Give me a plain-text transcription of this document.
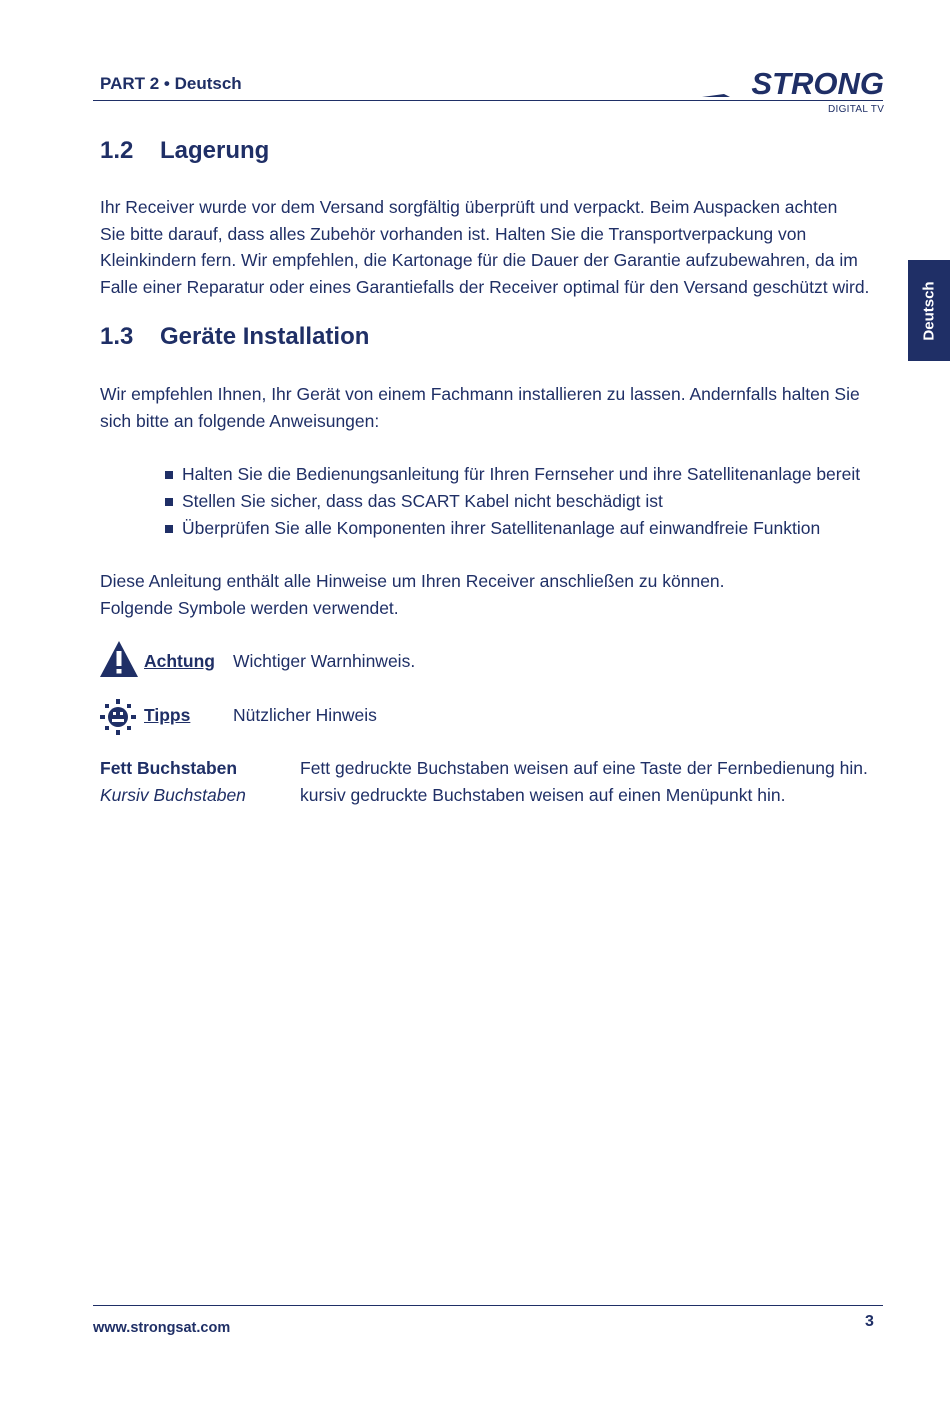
PART 2 • Deutsch	STRONG
DIGITAL TV
Deutsch
1.2 Lagerung

Ihr Receiver wurde vor dem Versand sorgfältig überprüft und verpackt. Beim Auspacken achten

Sie bitte darauf, dass alles Zubehör vorhanden ist. Halten Sie die Transportverpackung von

Kleinkindern fern. Wir empfehlen, die Kartonage für die Dauer der Garantie aufzubewahren, da im

Falle einer Reparatur oder eines Garantiefalls der Receiver optimal für den Versand geschützt wird.

1.3 Geräte Installation

Wir empfehlen Ihnen, Ihr Gerät von einem Fachmann installieren zu lassen. Andernfalls halten Sie

sich bitte an folgende Anweisungen:

Halten Sie die Bedienungsanleitung für Ihren Fernseher und ihre Satellitenanlage bereit
Stellen Sie sicher, dass das SCART Kabel nicht beschädigt ist
Überprüfen Sie alle Komponenten ihrer Satellitenanlage auf einwandfreie Funktion

Diese Anleitung enthält alle Hinweise um Ihren Receiver anschließen zu können.

Folgende Symbole werden verwendet.

Achtung Wichtiger Warnhinweis.
Tipps Nützlicher Hinweis
Fett Buchstaben	Fett gedruckte Buchstaben weisen auf eine Taste der Fernbedienung hin.
Kursiv Buchstaben	kursiv gedruckte Buchstaben weisen auf einen Menüpunkt hin.
www.strongsat.com	3
